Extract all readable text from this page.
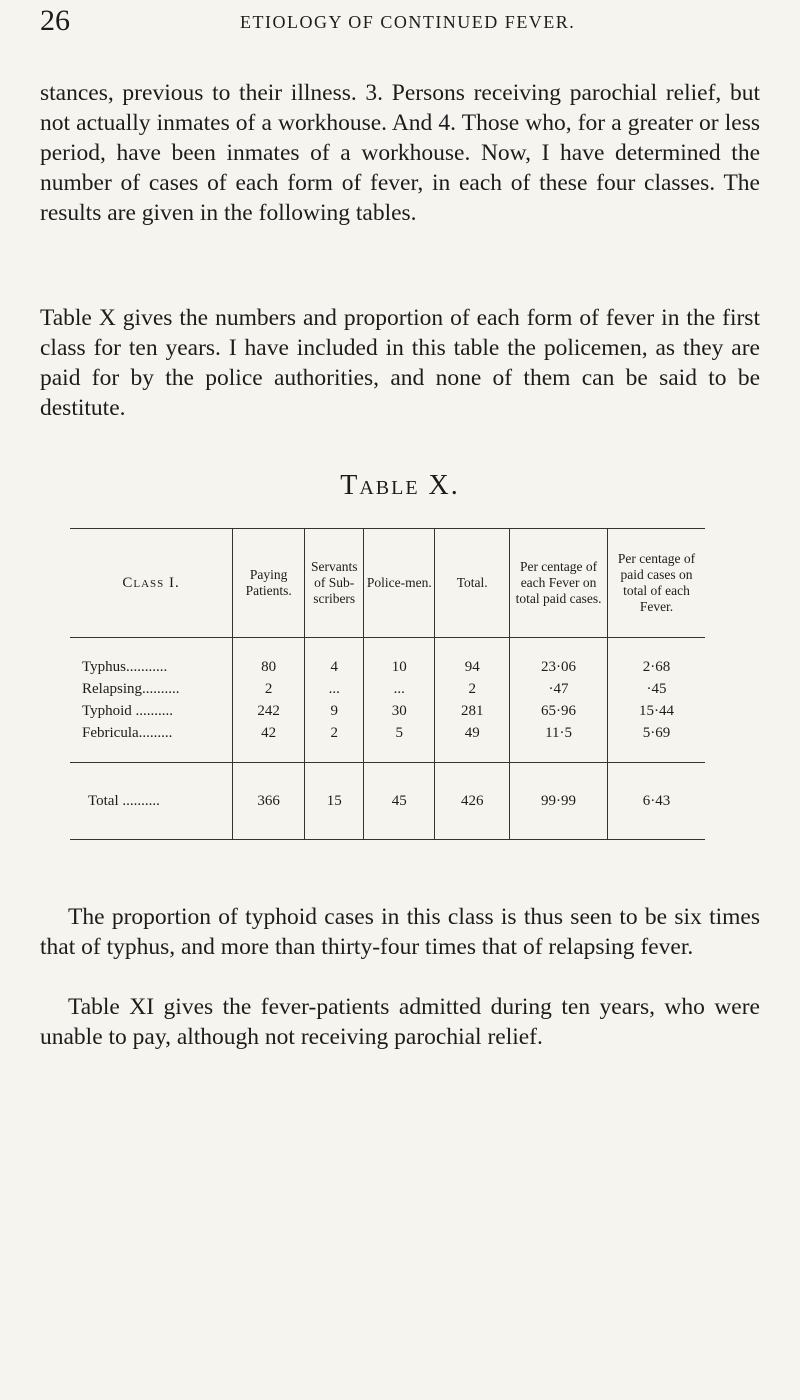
26	ETIOLOGY OF CONTINUED FEVER.

stances, previous to their illness. 3. Persons receiving parochial relief, but not actually inmates of a workhouse. And 4. Those who, for a greater or less period, have been inmates of a workhouse. Now, I have determined the number of cases of each form of fever, in each of these four classes. The results are given in the following tables.

Table X gives the numbers and proportion of each form of fever in the first class for ten years. I have included in this table the policemen, as they are paid for by the police authorities, and none of them can be said to be destitute.

Table X.
Class I.	Paying Patients.	Servants of Sub-scribers	Police-men.	Total.	Per centage of each Fever on total paid cases.	Per centage of paid cases on total of each Fever.
Typhus...........	80	4	10	94	23·06	2·68
Relapsing..........	2	...	...	2	·47	·45
Typhoid ..........	242	9	30	281	65·96	15·44
Febricula.........	42	2	5	49	11·5	5·69
Total ..........	366	15	45	426	99·99	6·43

The proportion of typhoid cases in this class is thus seen to be six times that of typhus, and more than thirty-four times that of relapsing fever.

Table XI gives the fever-patients admitted during ten years, who were unable to pay, although not receiving parochial relief.
